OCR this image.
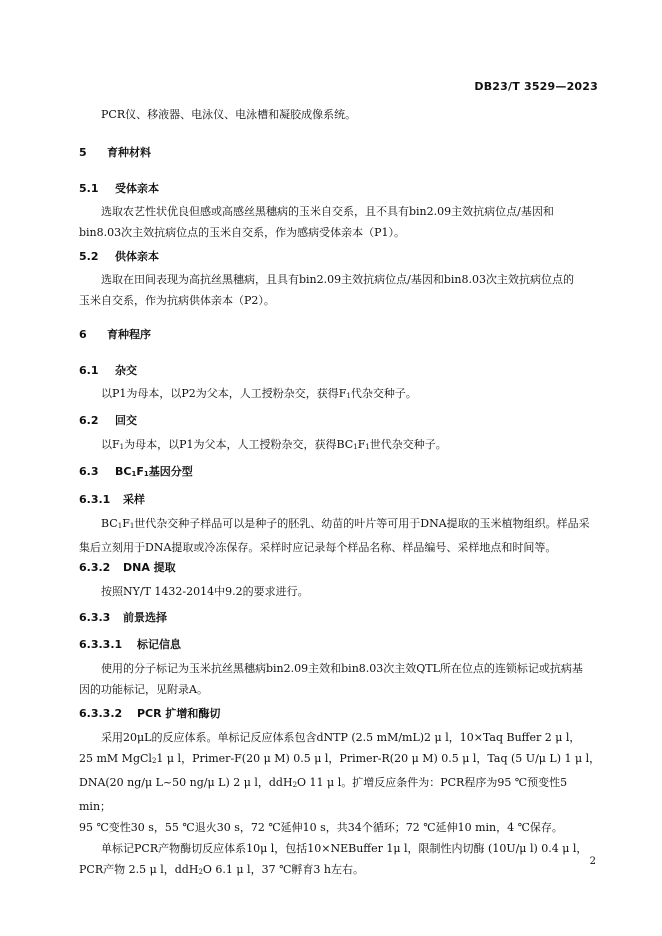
DB23/T 3529—2023
PCR仪、移液器、电泳仪、电泳槽和凝胶成像系统。
5 育种材料
5.1 受体亲本
选取农艺性状优良但感或高感丝黑穗病的玉米自交系，且不具有bin2.09主效抗病位点/基因和
bin8.03次主效抗病位点的玉米自交系，作为感病受体亲本（P1）。
5.2 供体亲本
选取在田间表现为高抗丝黑穗病，且具有bin2.09主效抗病位点/基因和bin8.03次主效抗病位点的
玉米自交系，作为抗病供体亲本（P2）。
6 育种程序
6.1 杂交
以P1为母本，以P2为父本，人工授粉杂交，获得F1代杂交种子。
6.2 回交
以F1为母本，以P1为父本，人工授粉杂交，获得BC1F1世代杂交种子。
6.3 BC1F1基因分型
6.3.1 采样
BC1F1世代杂交种子样品可以是种子的胚乳、幼苗的叶片等可用于DNA提取的玉米植物组织。样品采
集后立刻用于DNA提取或冷冻保存。采样时应记录每个样品名称、样品编号、采样地点和时间等。
6.3.2 DNA 提取
按照NY/T 1432-2014中9.2的要求进行。
6.3.3 前景选择
6.3.3.1 标记信息
使用的分子标记为玉米抗丝黑穗病bin2.09主效和bin8.03次主效QTL所在位点的连锁标记或抗病基
因的功能标记，见附录A。
6.3.3.2 PCR 扩增和酶切
采用20μL的反应体系。单标记反应体系包含dNTP (2.5 mM/mL)2 μ l，10×Taq Buffer 2 μ l，
25 mM MgCl21 μ l，Primer-F(20 μ M) 0.5 μ l，Primer-R(20 μ M) 0.5 μ l，Taq (5 U/μ L) 1 μ l，
DNA(20 ng/μ L~50 ng/μ L) 2 μ l，ddH2O 11 μ l。扩增反应条件为：PCR程序为95 ℃预变性5 min；
95 ℃变性30 s，55 ℃退火30 s，72 ℃延伸10 s，共34个循环；72 ℃延伸10 min，4 ℃保存。
单标记PCR产物酶切反应体系10μ l，包括10×NEBuffer 1μ l，限制性内切酶 (10U/μ l) 0.4 μ l，
PCR产物 2.5 μ l，ddH2O 6.1 μ l，37 ℃孵育3 h左右。
2
